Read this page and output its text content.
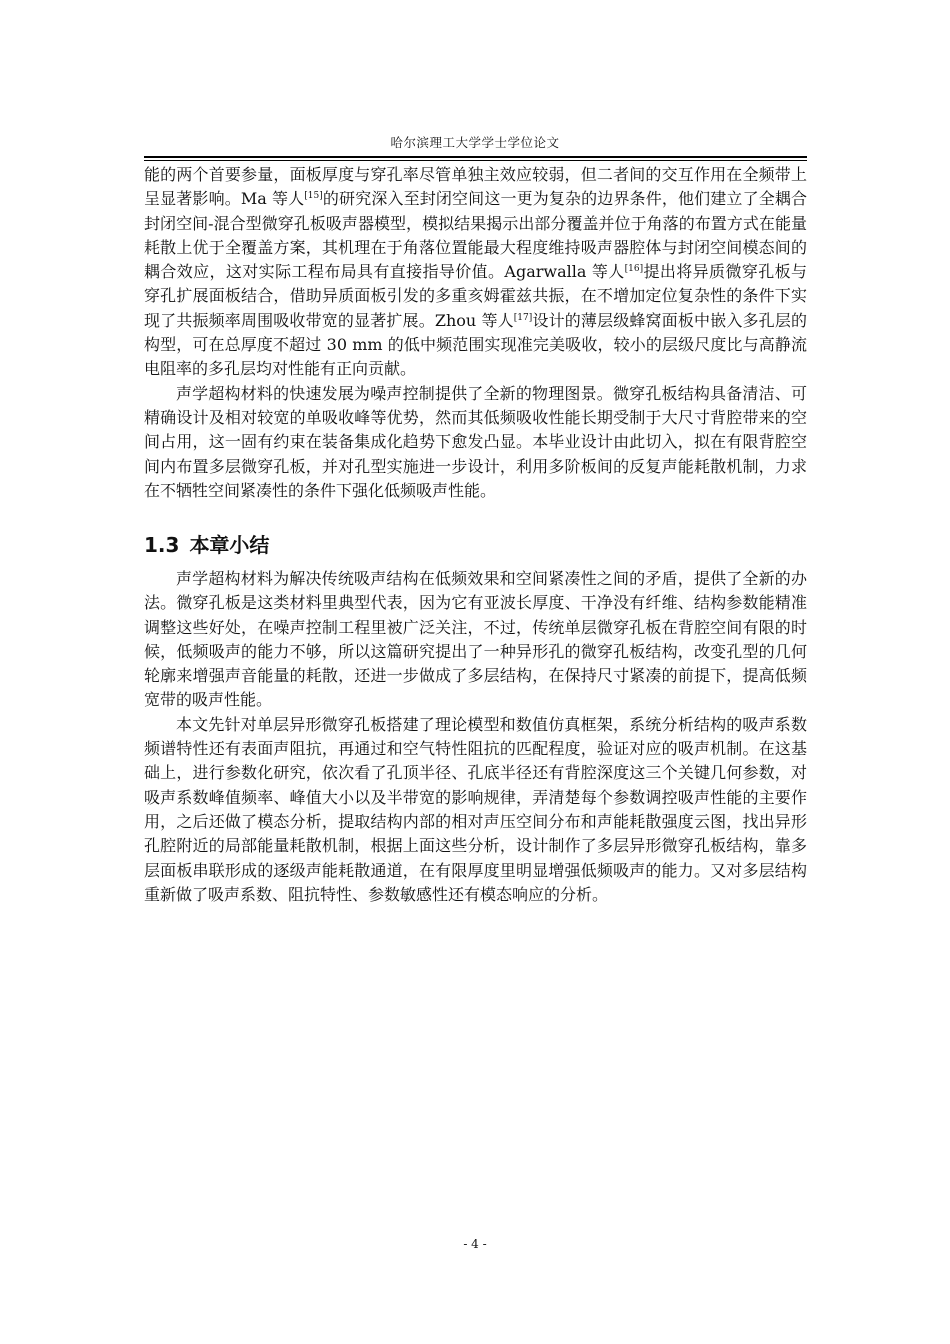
哈尔滨理工大学学士学位论文

能的两个首要参量，面板厚度与穿孔率尽管单独主效应较弱，但二者间的交互作用在全频带上呈显著影响。Ma 等人[15]的研究深入至封闭空间这一更为复杂的边界条件，他们建立了全耦合封闭空间-混合型微穿孔板吸声器模型，模拟结果揭示出部分覆盖并位于角落的布置方式在能量耗散上优于全覆盖方案，其机理在于角落位置能最大程度维持吸声器腔体与封闭空间模态间的耦合效应，这对实际工程布局具有直接指导价值。Agarwalla 等人[16]提出将异质微穿孔板与穿孔扩展面板结合，借助异质面板引发的多重亥姆霍兹共振，在不增加定位复杂性的条件下实 现了共振频率周围吸收带宽的显著扩展。Zhou 等人[17]设计的薄层级蜂窝面板中嵌入多孔层的构型，可在总厚度不超过 30 mm 的低中频范围实现准完美吸收，较小的层级尺度比与高静流电阻率的多孔层均对性能有正向贡献。

声学超构材料的快速发展为噪声控制提供了全新的物理图景。微穿孔板结构具备清洁、可精确设计及相对较宽的单吸收峰等优势，然而其低频吸收性能长期受制于大尺寸背腔带来的空间占用，这一固有约束在装备集成化趋势下愈发凸显。本毕业设计由此切入，拟在有限背腔空间内布置多层微穿孔板，并对孔型实施进一步设计，利用多阶板间的反复声能耗散机制，力求在不牺牲空间紧凑性的条件下强化低频吸声性能。

1.3 本章小结

声学超构材料为解决传统吸声结构在低频效果和空间紧凑性之间的矛盾，提供了全新的办法。微穿孔板是这类材料里典型代表，因为它有亚波长厚度、干净没有纤维、结构参数能精准调整这些好处，在噪声控制工程里被广泛关注，不过，传统单层微穿孔板在背腔空间有限的时候，低频吸声的能力不够，所以这篇研究提出了一种异形孔的微穿孔板结构，改变孔型的几何轮廓来增强声音能量的耗散，还进一步做成了多层结构，在保持尺寸紧凑的前提下，提高低频宽带的吸声性能。

本文先针对单层异形微穿孔板搭建了理论模型和数值仿真框架，系统分析结构的吸声系数频谱特性还有表面声阻抗，再通过和空气特性阻抗的匹配程度，验证对应的吸声机制。在这基础上，进行参数化研究，依次看了孔顶半径、孔底半径还有背腔深度这三个关键几何参数，对吸声系数峰值频率、峰值大小以及半带宽的影响规律，弄清楚每个参数调控吸声性能的主要作用，之后还做了模态分析，提取结构内部的相对声压空间分布和声能耗散强度云图，找出异形孔腔附近的局部能量耗散机制，根据上面这些分析，设计制作了多层异形微穿孔板结构，靠多层面板串联形成的逐级声能耗散通道，在有限厚度里明显增强低频吸声的能力。又对多层结构重新做了吸声系数、阻抗特性、参数敏感性还有模态响应的分析。

- 4 -
